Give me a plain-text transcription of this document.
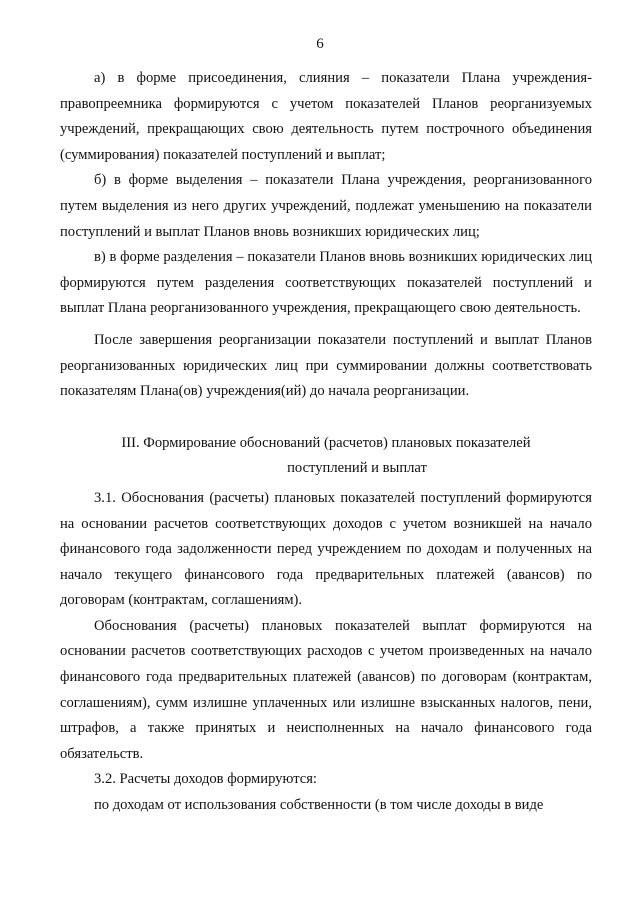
6

а) в форме присоединения, слияния – показатели Плана учреждения-правопреемника формируются с учетом показателей Планов реорганизуемых учреждений, прекращающих свою деятельность путем построчного объединения (суммирования) показателей поступлений и выплат;

б) в форме выделения – показатели Плана учреждения, реорганизованного путем выделения из него других учреждений, подлежат уменьшению на показатели поступлений и выплат Планов вновь возникших юридических лиц;

в) в форме разделения – показатели Планов вновь возникших юридических лиц формируются путем разделения соответствующих показателей поступлений и выплат Плана реорганизованного учреждения, прекращающего свою деятельность.

После завершения реорганизации показатели поступлений и выплат Планов реорганизованных юридических лиц при суммировании должны соответствовать показателям Плана(ов) учреждения(ий) до начала реорганизации.

III. Формирование обоснований (расчетов) плановых показателей
поступлений и выплат

3.1. Обоснования (расчеты) плановых показателей поступлений формируются на основании расчетов соответствующих доходов с учетом возникшей на начало финансового года задолженности перед учреждением по доходам и полученных на начало текущего финансового года предварительных платежей (авансов) по договорам (контрактам, соглашениям).

Обоснования (расчеты) плановых показателей выплат формируются на основании расчетов соответствующих расходов с учетом произведенных на начало финансового года предварительных платежей (авансов) по договорам (контрактам, соглашениям), сумм излишне уплаченных или излишне взысканных налогов, пени, штрафов, а также принятых и неисполненных на начало финансового года обязательств.

3.2. Расчеты доходов формируются:

по доходам от использования собственности (в том числе доходы в виде
